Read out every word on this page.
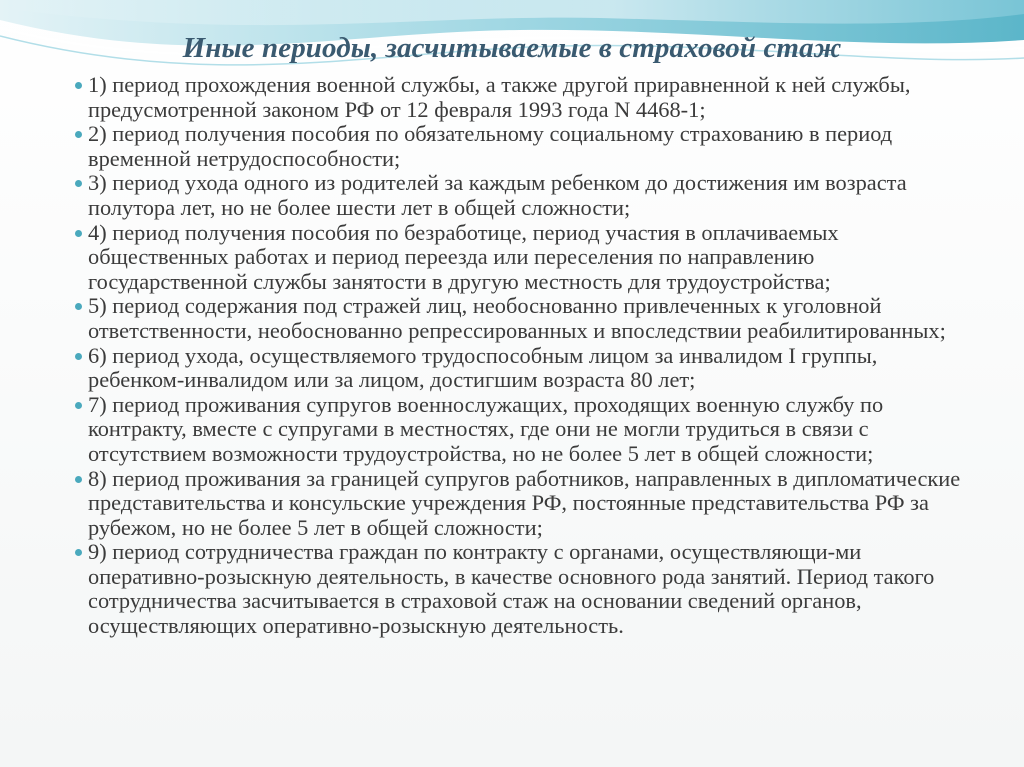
Иные периоды, засчитываемые в страховой стаж
1) период прохождения военной службы, а также другой приравненной к ней службы, предусмотренной законом РФ от 12 февраля 1993 года N 4468-1;
2) период получения пособия по обязательному социальному страхованию в период временной нетрудоспособности;
3) период ухода одного из родителей за каждым ребенком до достижения им возраста полутора лет, но не более шести лет в общей сложности;
4) период получения пособия по безработице, период участия в оплачиваемых общественных работах и период переезда или переселения по направлению государственной службы занятости в другую местность для трудоустройства;
5) период содержания под стражей лиц, необоснованно привлеченных к уголовной ответственности, необоснованно репрессированных и впоследствии реабилитированных;
6) период ухода, осуществляемого трудоспособным лицом за инвалидом I группы, ребенком-инвалидом или за лицом, достигшим возраста 80 лет;
7) период проживания супругов военнослужащих, проходящих военную службу по контракту, вместе с супругами в местностях, где они не могли трудиться в связи с отсутствием возможности трудоустройства, но не более 5 лет в общей сложности;
8) период проживания за границей супругов работников, направленных в дипломатические представительства и консульские учреждения РФ, постоянные представительства РФ за рубежом, но не более 5 лет в общей сложности;
9) период сотрудничества граждан по контракту с органами, осуществляющи-ми оперативно-розыскную деятельность, в качестве основного рода занятий. Период такого сотрудничества засчитывается в страховой стаж на основании сведений органов, осуществляющих оперативно-розыскную деятельность.
